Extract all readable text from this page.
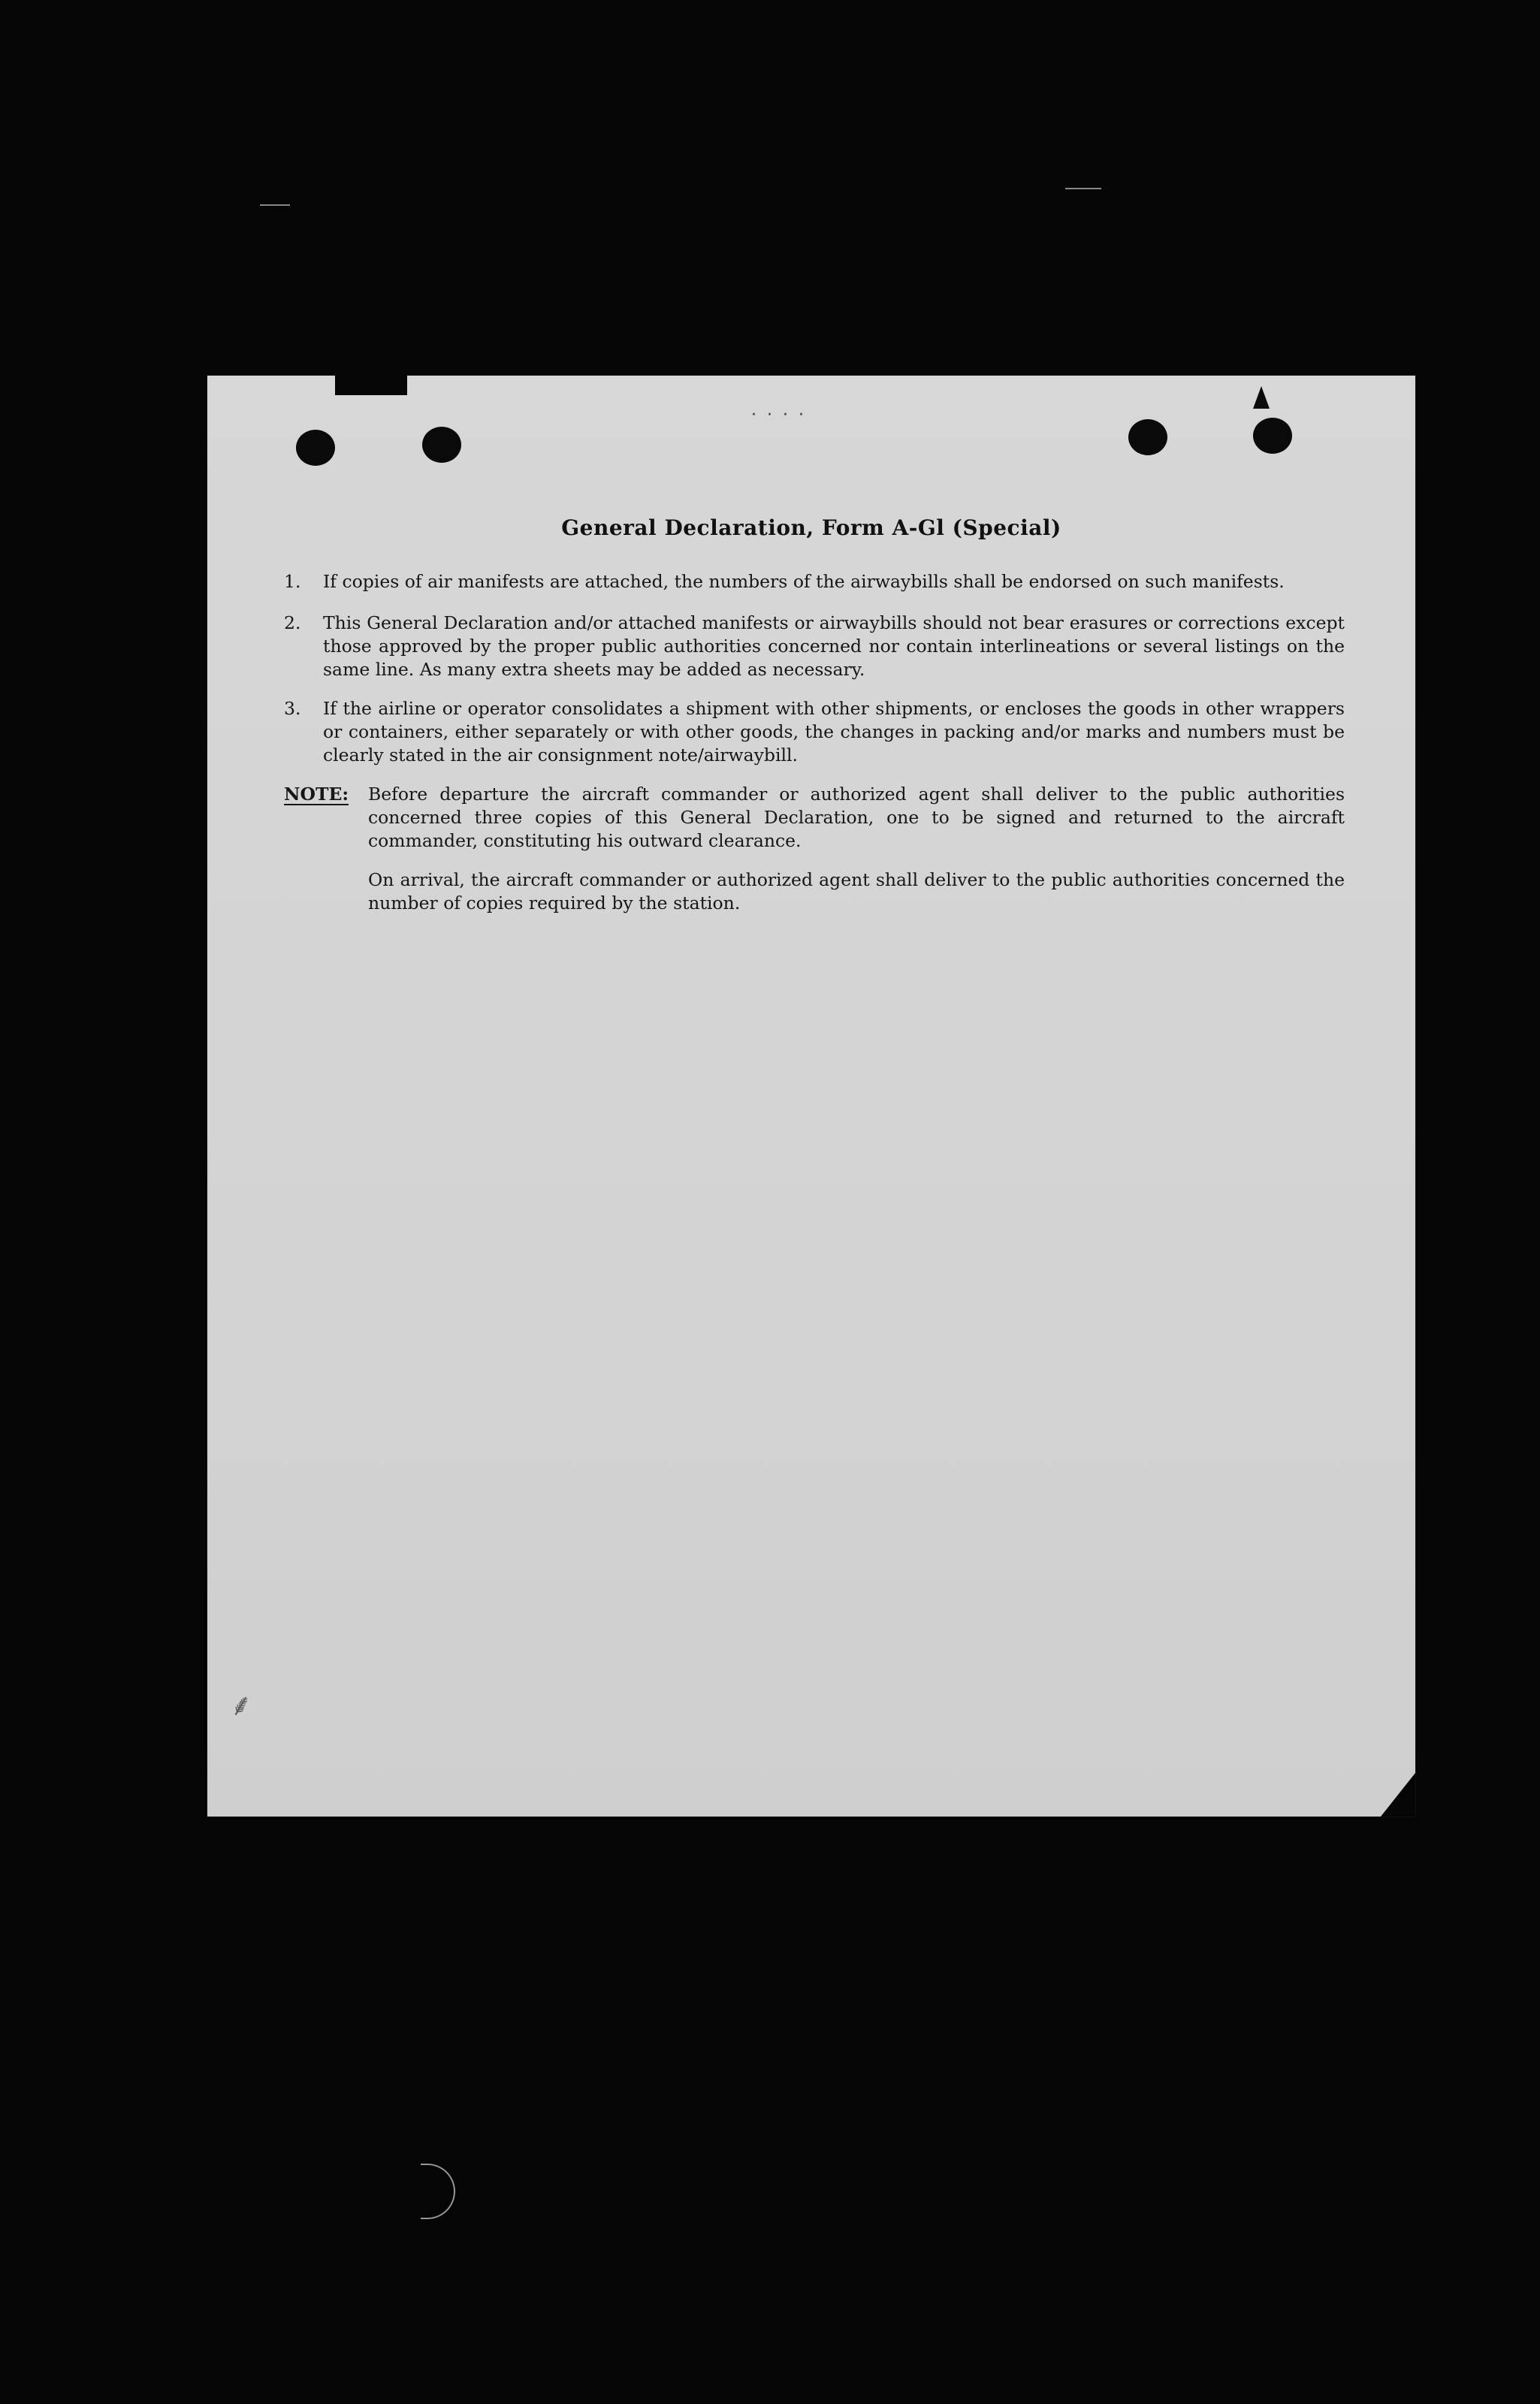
····
General Declaration, Form A-Gl (Special)
1. If copies of air manifests are attached, the numbers of the airwaybills shall be endorsed on such manifests.
2. This General Declaration and/or attached manifests or airwaybills should not bear erasures or corrections except those approved by the proper public authorities concerned nor contain interlineations or several listings on the same line. As many extra sheets may be added as necessary.
3. If the airline or operator consolidates a shipment with other shipments, or encloses the goods in other wrappers or containers, either separately or with other goods, the changes in packing and/or marks and numbers must be clearly stated in the air consignment note/airwaybill.
NOTE: Before departure the aircraft commander or authorized agent shall deliver to the public authorities concerned three copies of this General Declaration, one to be signed and returned to the aircraft commander, constituting his outward clearance.
On arrival, the aircraft commander or authorized agent shall deliver to the public authorities concerned the number of copies required by the station.
⸙
